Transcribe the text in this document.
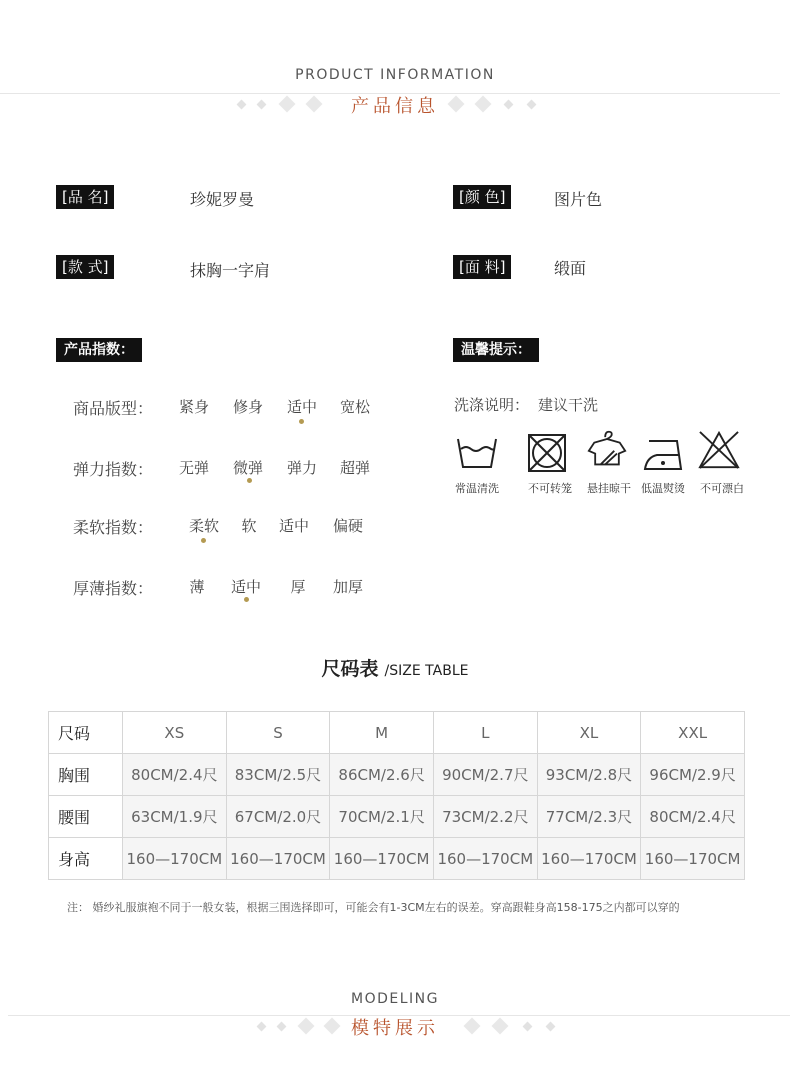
PRODUCT INFORMATION
产品信息
[品 名]	珍妮罗曼	[颜 色]	图片色
[款 式]	抹胸一字肩	[面 料]	缎面
产品指数：
商品版型：	紧身	修身	适中	宽松
弹力指数：	无弹	微弹	弹力	超弹
柔软指数：	柔软	软	适中	偏硬
厚薄指数：	薄	适中	厚	加厚
温馨提示：
洗涤说明： 建议干洗
常温清洗	不可转笼	悬挂晾干 低温熨烫	不可漂白
尺码表 /SIZE TABLE
尺码	XS	S	M	L	XL	XXL
胸围	80CM/2.4尺	83CM/2.5尺	86CM/2.6尺	90CM/2.7尺	93CM/2.8尺	96CM/2.9尺
腰围	63CM/1.9尺	67CM/2.0尺	70CM/2.1尺	73CM/2.2尺	77CM/2.3尺	80CM/2.4尺
身高	160—170CM	160—170CM	160—170CM	160—170CM	160—170CM	160—170CM
注： 婚纱礼服旗袍不同于一般女装，根据三围选择即可，可能会有1-3CM左右的误差。穿高跟鞋身高158-175之内都可以穿的
MODELING
模特展示
